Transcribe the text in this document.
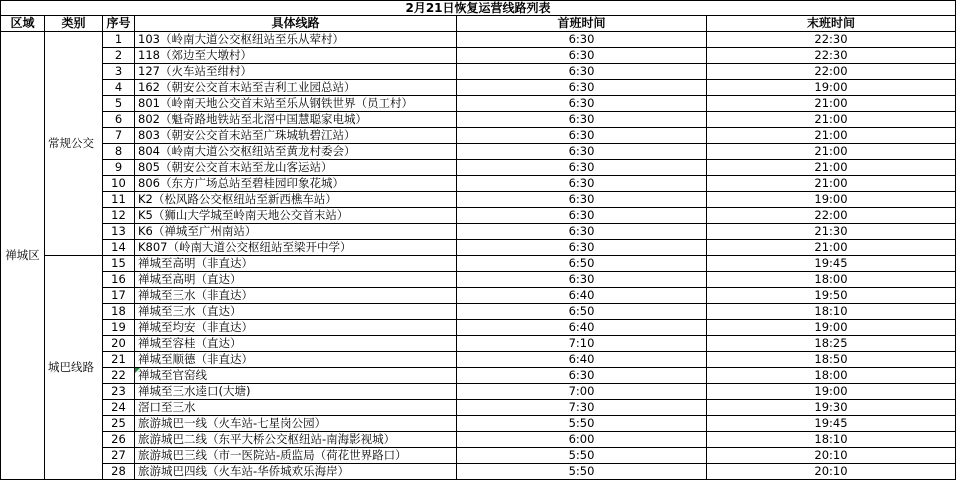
2月21日恢复运营线路列表					
区域	类别	序号	具体线路	首班时间	末班时间
禅城区	常规公交	1	103（岭南大道公交枢纽站至乐从荤村）	6:30	22:30
		2	118（郊边至大墩村）	6:30	22:30
		3	127（火车站至绀村）	6:30	22:00
		4	162（朝安公交首末站至吉利工业园总站）	6:30	19:00
		5	801（岭南天地公交首末站至乐从钢铁世界（员工村）	6:30	21:00
		6	802（魁奇路地铁站至北滘中国慧聪家电城）	6:30	21:00
		7	803（朝安公交首末站至广珠城轨碧江站）	6:30	21:00
		8	804（岭南大道公交枢纽站至黄龙村委会）	6:30	21:00
		9	805（朝安公交首末站至龙山客运站）	6:30	21:00
		10	806（东方广场总站至碧桂园印象花城）	6:30	21:00
		11	K2（松风路公交枢纽站至新西樵车站）	6:30	19:00
		12	K5（狮山大学城至岭南天地公交首末站）	6:30	22:00
		13	K6（禅城至广州南站）	6:30	21:30
		14	K807（岭南大道公交枢纽站至梁开中学）	6:30	21:00
	城巴线路	15	禅城至高明（非直达）	6:50	19:45
		16	禅城至高明（直达）	6:30	18:00
		17	禅城至三水（非直达）	6:40	19:50
		18	禅城至三水（直达）	6:50	18:10
		19	禅城至均安（非直达）	6:40	19:00
		20	禅城至容桂（直达）	7:10	18:25
		21	禅城至顺德（非直达）	6:40	18:50
		22	禅城至官窑线	6:30	18:00
		23	禅城至三水逵口(大塘)	7:00	19:00
		24	滘口至三水	7:30	19:30
		25	旅游城巴一线（火车站-七星岗公园）	5:50	19:45
		26	旅游城巴二线（东平大桥公交枢纽站-南海影视城）	6:00	18:10
		27	旅游城巴三线（市一医院站-质监局（荷花世界路口）	5:50	20:10
		28	旅游城巴四线（火车站-华侨城欢乐海岸）	5:50	20:10
